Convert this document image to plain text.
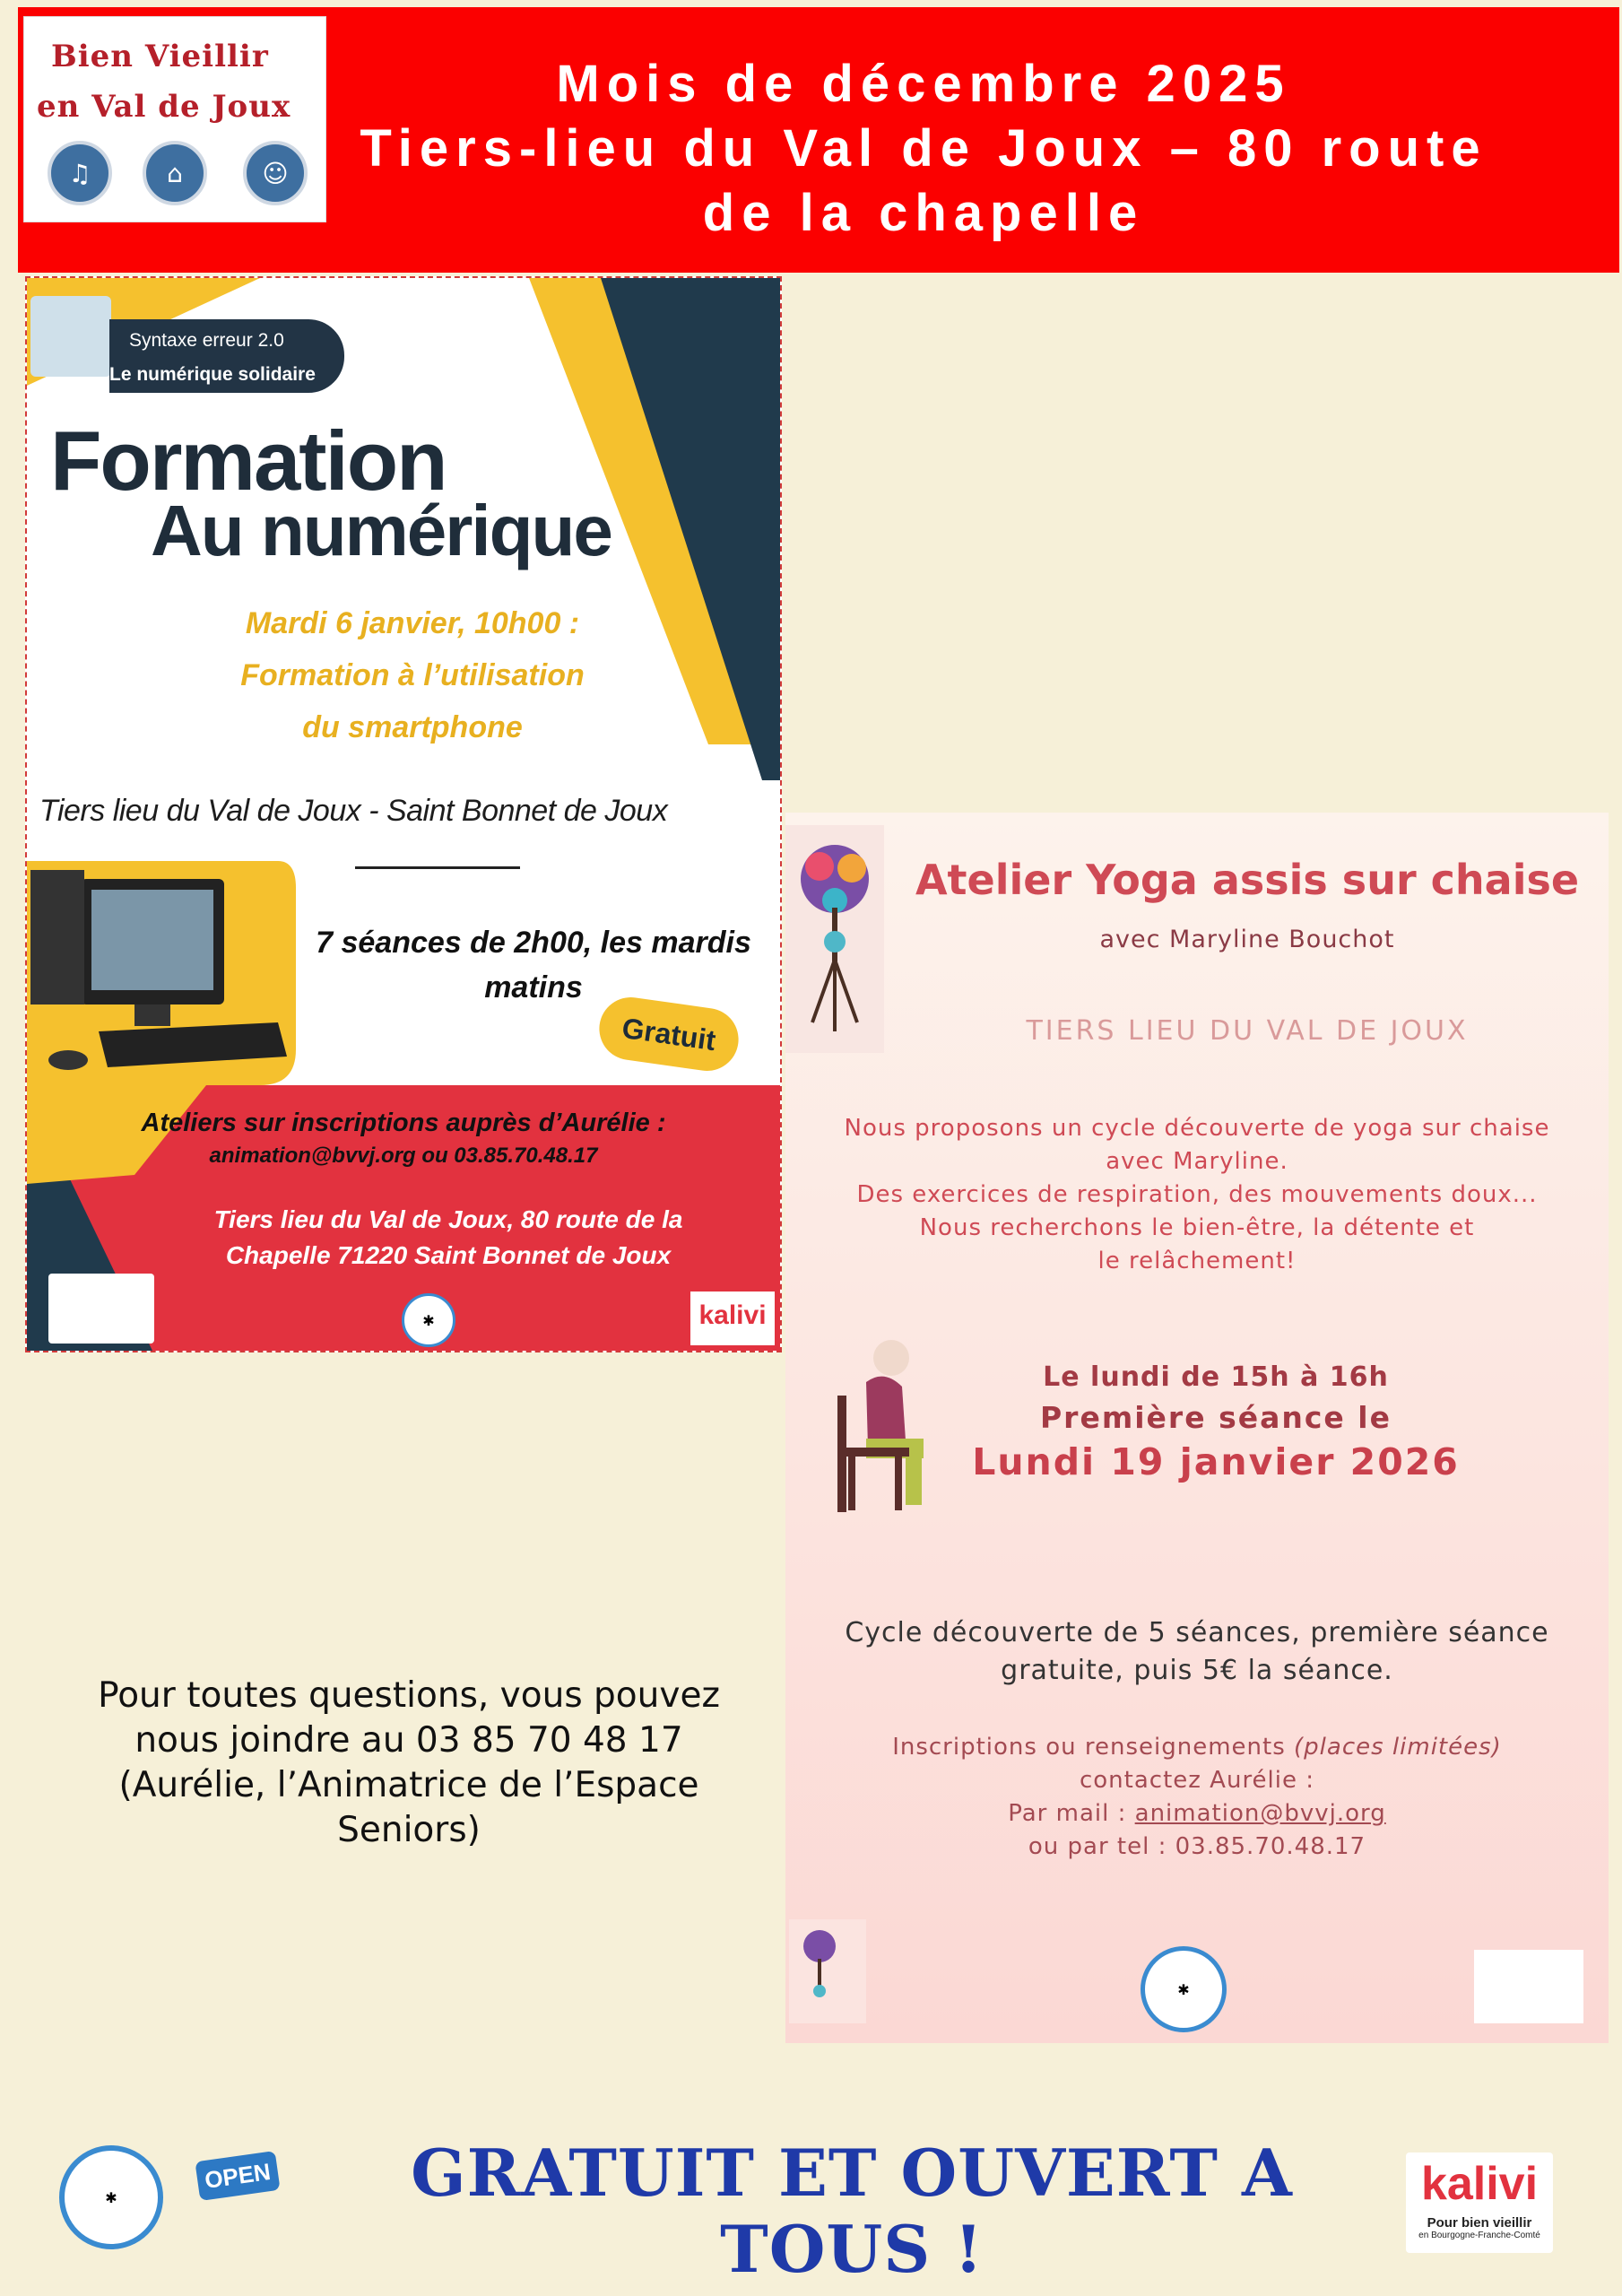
Bien Vieillir
en Val de Joux
♫	⌂	☺
Mois de décembre 2025
Tiers-lieu du Val de Joux – 80 route
de la chapelle
Syntaxe erreur 2.0
Le numérique solidaire
Formation
Au numérique
Mardi 6 janvier, 10h00 :
Formation à l’utilisation
du smartphone
Tiers lieu du Val de Joux - Saint Bonnet de Joux
7 séances de 2h00, les mardis
matins
Gratuit
Ateliers sur inscriptions auprès d’Aurélie :
animation@bvvj.org ou 03.85.70.48.17
Tiers lieu du Val de Joux, 80 route de la
Chapelle 71220 Saint Bonnet de Joux
✱	kalivi
Atelier Yoga assis sur chaise
avec Maryline Bouchot
TIERS LIEU DU VAL DE JOUX
Nous proposons un cycle découverte de yoga sur chaise
avec Maryline.
Des exercices de respiration, des mouvements doux...
Nous recherchons le bien-être, la détente et
le relâchement!
Le lundi de 15h à 16h
Première séance le
Lundi 19 janvier 2026
Cycle découverte de 5 séances, première séance
gratuite, puis 5€ la séance.
Inscriptions ou renseignements (places limitées)
contactez Aurélie :
Par mail : animation@bvvj.org
ou par tel : 03.85.70.48.17
✱
Pour toutes questions, vous pouvez
nous joindre au 03 85 70 48 17
(Aurélie, l’Animatrice de l’Espace
Seniors)
✱
OPEN	GRATUIT ET OUVERT A TOUS !
kalivi
Pour bien vieillir
en Bourgogne-Franche-Comté
